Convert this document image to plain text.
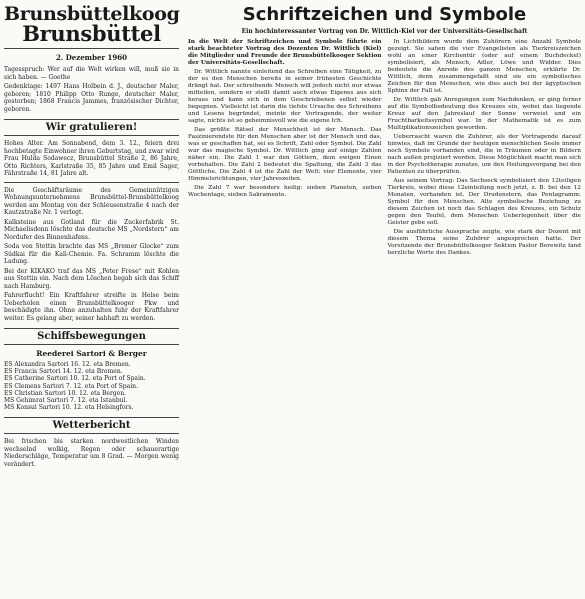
Brunsbüttelkoog
Brunsbüttel
2. Dezember 1960

Tagesspruch: Wer auf die Welt wirken will, muß sie in sich haben. — Goethe

Gedenktage: 1497 Hans Holbein d. J., deutscher Maler, geboren; 1810 Philipp Otto Runge, deutscher Maler, gestorben; 1868 Francis Jammes, französischer Dichter, geboren.

Wir gratulieren!

Hohes Alter. Am Sonnabend, dem 3. 12., feiern drei hochbetagte Einwohner ihren Geburtstag, und zwar wird Frau Hulda Sodawecz, Brunsbüttel Straße 2, 86 Jahre, Otto Richters, Karlstraße 35, 85 Jahre und Emil Sager, Fährstraße 14, 81 Jahre alt.

Die Geschäftsräume des Gemeinnützigen Wohnungsunternehmens Brunsbüttel-Brunsbüttelkoog werden am Montag von der Schleusenstraße 4 nach der Kautzstraße Nr. 1 verlegt.

Kalksteine aus Gotland für die Zuckerfabrik St. Michaelisdonn löschte das deutsche MS „Nordstern“ am Nordufer des Binnenhafens.

Soda von Stettin brachte das MS „Bremer Glocke“ zum Südkai für die Kali-Chemie. Fa. Schramm löschte die Ladung.

Bei der KIKAKO traf das MS „Peter Frese“ mit Kohlen aus Stettin ein. Nach dem Löschen begab sich das Schiff nach Hamburg.

Fahrerflucht! Ein Kraftfahrer streifte in Helse beim Ueberholen einen Brunsbüttelkooger Pkw und beschädigte ihn. Ohne anzuhalten fuhr der Kraftfahrer weiter. Es gelang aber, seiner habhaft zu werden.

Schiffsbewegungen
Reederei Sartori & Berger
ES Alexandra Sartori 16. 12. eta Bremen.
ES Francis Sartori 14. 12. eta Bremen.
ES Catherine Sartori 10. 12. eta Port of Spain.
ES Clemens Sartori 7. 12. eta Port of Spain.
ES Christian Sartori 10. 12. eta Bergen.
MS Gehimrat Sartori 7. 12. eta Istanbul.
MS Konsul Sartori 10. 12. eta Helsingfors.
Wetterbericht

Bei frischen bis starken nordwestlichen Winden wechselnd wolkig, Regen oder schauerartige Niederschläge, Temperatur um 8 Grad. — Morgen wenig verändert.

Schriftzeichen und Symbole
Ein hochinteressanter Vortrag von Dr. Wittlich-Kiel vor der Universitäts-Gesellschaft

In die Welt der Schriftzeichen und Symbole führte ein stark beachteter Vortrag des Dozenten Dr. Wittlich (Kiel) die Mitglieder und Freunde der Brunsbüttelkooger Sektion der Universitäts-Gesellschaft.

Dr. Wittlich nannte einleitend das Schreiben eine Tätigkeit, zu der es den Menschen bereits in seiner frühesten Geschichte drängt hat. Der schreibende Mensch will jedoch nicht nur etwas mitteilen, sondern er stellt damit auch etwas Eigenes aus sich heraus und kann sich in dem Geschriebenen selbst wieder begegnen. Vielleicht ist darin die tiefste Ursache des Schreibens und Lesens begründet, meinte der Vortragende, der weiter sagte, nichts ist so geheimnisvoll wie die eigene Ich.

Das größte Rätsel der Menschheit ist der Mensch. Das Faszinierendste für den Menschen aber ist der Mensch und das, was er geschaffen hat, sei es Schrift, Zahl oder Symbol. Die Zahl war das magische Symbol. Dr. Wittlich ging auf einige Zahlen näher ein. Die Zahl 1 war den Göttern, dem ewigen Einen vorbehalten. Die Zahl 2 bedeutet die Spaltung, die Zahl 3 das Göttliche. Die Zahl 4 ist die Zahl der Welt: vier Elemente, vier Himmelsrichtungen, vier Jahreszeiten.

Die Zahl 7 war besonders heilig: sieben Planeten, sieben Wochentage, sieben Sakramente.

In Lichtbildern wurde dem Zuhörern eine Anzahl Symbole gezeigt. Sie sahen die vier Evangelisten als Tierkreiszeichen wohl an einer Kirchentür (oder auf einem Buchdeckel) symbolisiert, als Mensch, Adler, Löwe und Widder. Dies bedeutete die Anrede des ganzen Menschen, erklärte Dr. Wittlich, denn zusammengefaßt sind sie ein symbolisches Zeichen für den Menschen, wie dies auch bei der ägyptischen Sphinx der Fall ist.

Dr. Wittlich gab Anregungen zum Nachdenken, er ging ferner auf die Symbolbedeutung des Kreuzes ein, wobei das liegende Kreuz auf den Jahreslauf der Sonne verweist und ein Fruchtbarkeitssymbol war. In der Mathematik ist es zum Multiplikationszeichen geworden.

Ueberrascht waren die Zuhörer, als der Vortragende darauf hinwies, daß im Grunde der heutigen menschlichen Seele immer noch Symbole vorhanden sind, die in Träumen oder in Bildern nach außen projiziert werden. Diese Möglichkeit macht man sich in der Psychotherapie zunutze, um den Heilungsvorgang bei den Patienten zu überprüfen.

Aus seinem Vortrag: Das Sechseck symbolisiert den 12teiligen Tierkreis, wobei diese 12einteilung noch jetzt, z. B. bei den 12 Monaten, vorhanden ist. Der Drudenstern, das Pentagramm: Symbol für den Menschen. Alte symbolische Beziehung zu diesem Zeichen ist noch das Schlagen des Kreuzes, ein Schutz gegen den Teufel, dem Menschen Ueberlegenheit über die Geister gebe soll.

Die ausführliche Aussprache zeigte, wie stark der Dozent mit diesem Thema seine Zuhörer angesprochen hatte. Der Vorsitzende der Brunsbüttelkooger Sektion Pastor Berewitz fand herzliche Worte des Dankes.
